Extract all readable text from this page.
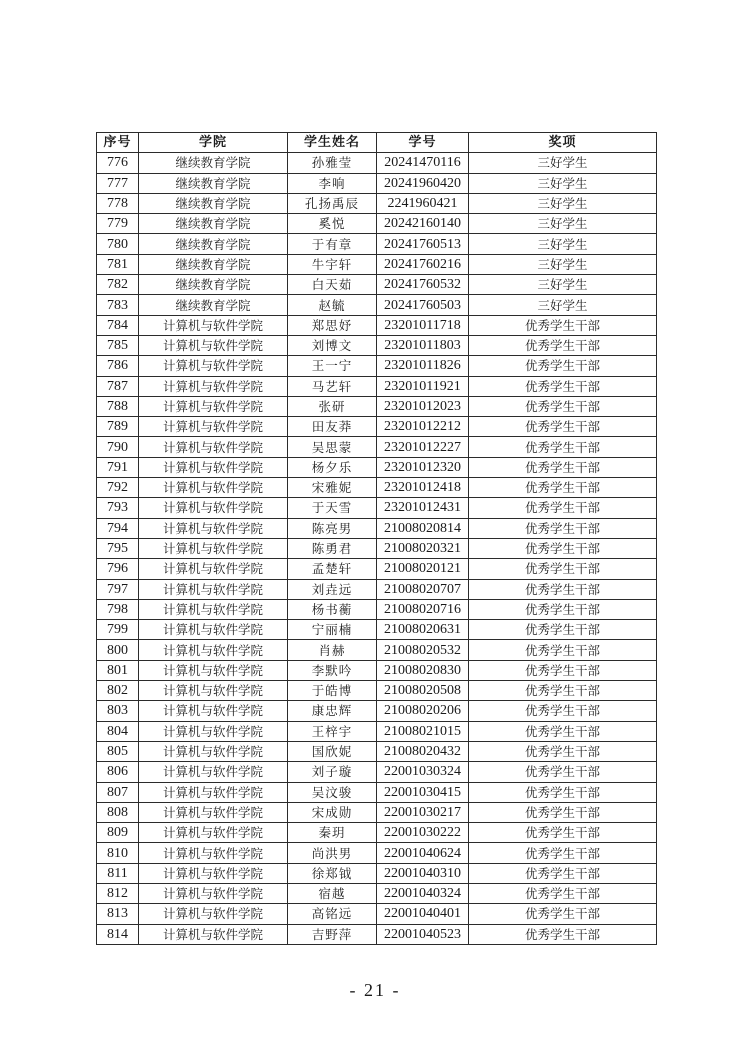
序号	学院	学生姓名	学号	奖项
776	继续教育学院	孙雅莹	20241470116	三好学生
777	继续教育学院	李响	20241960420	三好学生
778	继续教育学院	孔扬禹辰	2241960421	三好学生
779	继续教育学院	奚悦	20242160140	三好学生
780	继续教育学院	于有章	20241760513	三好学生
781	继续教育学院	牛宇轩	20241760216	三好学生
782	继续教育学院	白天茹	20241760532	三好学生
783	继续教育学院	赵毓	20241760503	三好学生
784	计算机与软件学院	郑思妤	23201011718	优秀学生干部
785	计算机与软件学院	刘博文	23201011803	优秀学生干部
786	计算机与软件学院	王一宁	23201011826	优秀学生干部
787	计算机与软件学院	马艺轩	23201011921	优秀学生干部
788	计算机与软件学院	张研	23201012023	优秀学生干部
789	计算机与软件学院	田友莽	23201012212	优秀学生干部
790	计算机与软件学院	吴思蒙	23201012227	优秀学生干部
791	计算机与软件学院	杨夕乐	23201012320	优秀学生干部
792	计算机与软件学院	宋雅妮	23201012418	优秀学生干部
793	计算机与软件学院	于天雪	23201012431	优秀学生干部
794	计算机与软件学院	陈亮男	21008020814	优秀学生干部
795	计算机与软件学院	陈勇君	21008020321	优秀学生干部
796	计算机与软件学院	孟楚轩	21008020121	优秀学生干部
797	计算机与软件学院	刘垚远	21008020707	优秀学生干部
798	计算机与软件学院	杨书蘅	21008020716	优秀学生干部
799	计算机与软件学院	宁丽楠	21008020631	优秀学生干部
800	计算机与软件学院	肖赫	21008020532	优秀学生干部
801	计算机与软件学院	李默吟	21008020830	优秀学生干部
802	计算机与软件学院	于皓博	21008020508	优秀学生干部
803	计算机与软件学院	康忠辉	21008020206	优秀学生干部
804	计算机与软件学院	王梓宇	21008021015	优秀学生干部
805	计算机与软件学院	国欣妮	21008020432	优秀学生干部
806	计算机与软件学院	刘子璇	22001030324	优秀学生干部
807	计算机与软件学院	吴汶骏	22001030415	优秀学生干部
808	计算机与软件学院	宋成勋	22001030217	优秀学生干部
809	计算机与软件学院	秦玥	22001030222	优秀学生干部
810	计算机与软件学院	尚洪男	22001040624	优秀学生干部
811	计算机与软件学院	徐郑钺	22001040310	优秀学生干部
812	计算机与软件学院	宿越	22001040324	优秀学生干部
813	计算机与软件学院	高铭远	22001040401	优秀学生干部
814	计算机与软件学院	吉野萍	22001040523	优秀学生干部
- 21 -
